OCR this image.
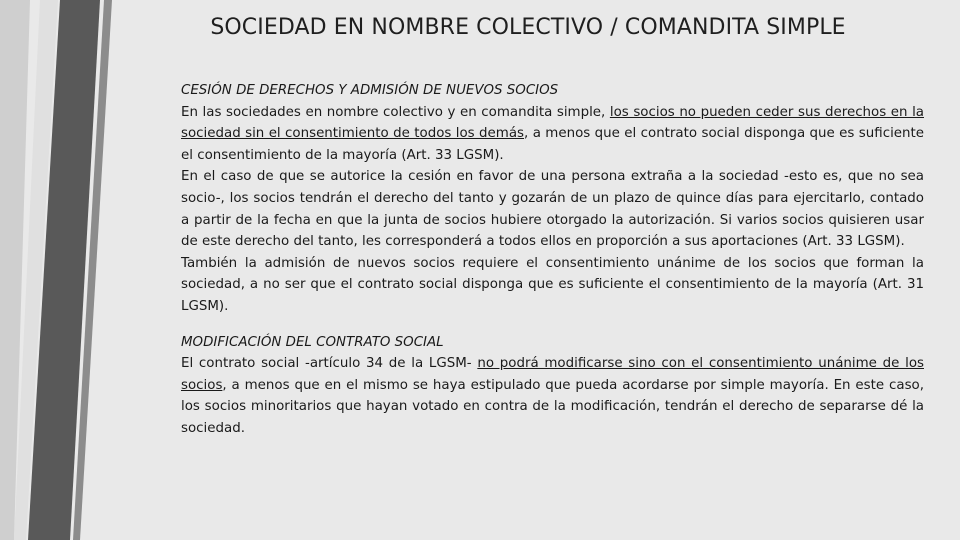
SOCIEDAD EN NOMBRE COLECTIVO / COMANDITA SIMPLE
CESIÓN DE DERECHOS Y ADMISIÓN DE NUEVOS SOCIOS

En las sociedades en nombre colectivo y en comandita simple, los socios no pueden ceder sus derechos en la sociedad sin el consentimiento de todos los demás, a menos que el contrato social disponga que es suficiente el consentimiento de la mayoría (Art. 33 LGSM).

En el caso de que se autorice la cesión en favor de una persona extraña a la sociedad -esto es, que no sea socio-, los socios tendrán el derecho del tanto y gozarán de un plazo de quince días para ejercitarlo, contado a partir de la fecha en que la junta de socios hubiere otorgado la autorización. Si varios socios quisieren usar de este derecho del tanto, les corresponderá a todos ellos en proporción a sus aportaciones (Art. 33 LGSM).

También la admisión de nuevos socios requiere el consentimiento unánime de los socios que forman la sociedad, a no ser que el contrato social disponga que es suficiente el consentimiento de la mayoría (Art. 31 LGSM).

MODIFICACIÓN DEL CONTRATO SOCIAL

El contrato social -artículo 34 de la LGSM- no podrá modificarse sino con el consentimiento unánime de los socios, a menos que en el mismo se haya estipulado que pueda acordarse por simple mayoría. En este caso, los socios minoritarios que hayan votado en contra de la modificación, tendrán el derecho de separarse dé la sociedad.
